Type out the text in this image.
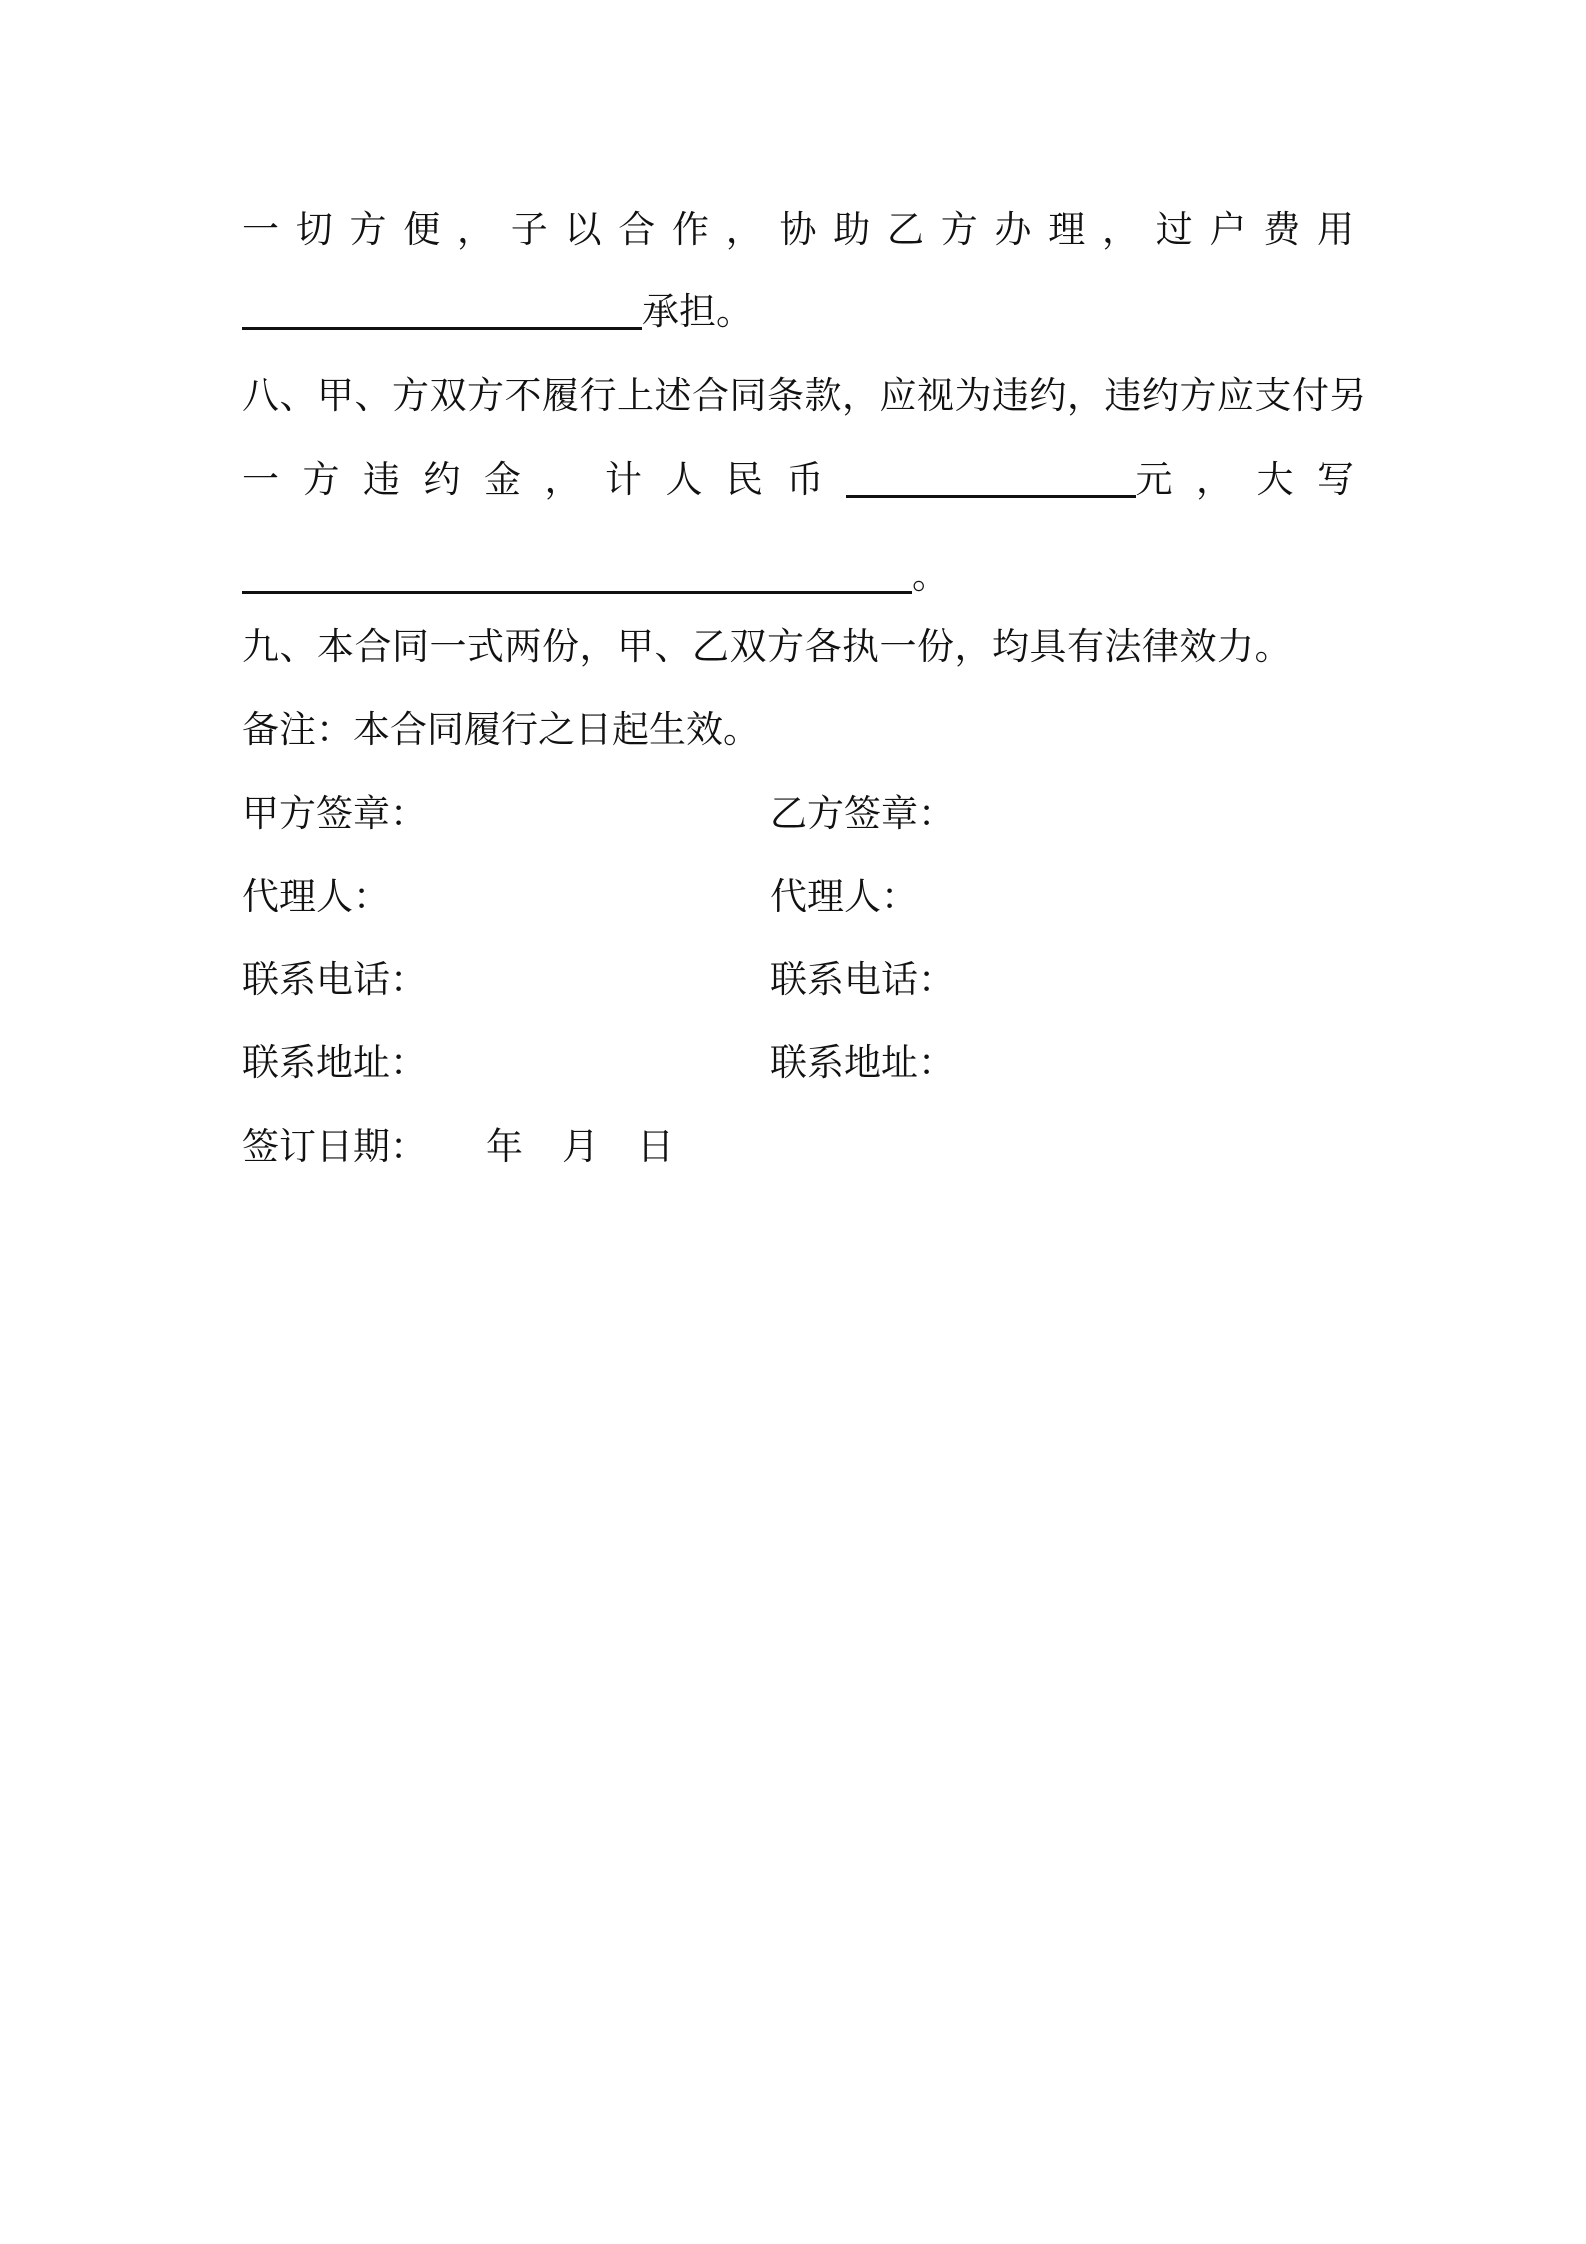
一 切 方 便 ， 子 以 合 作 ， 协 助 乙 方 办 理 ， 过 户 费 用
承担。
八、甲、方双方不履行上述合同条款，应视为违约，违约方应支付另
一 方 违 约 金 ， 计 人 民 币	元 ， 大 写
。
九、本合同一式两份，甲、乙双方各执一份，均具有法律效力。
备注：本合同履行之日起生效。
甲方签章：	乙方签章：
代理人：	代理人：
联系电话：	联系电话：
联系地址：	联系地址：
签订日期： 年 月 日
